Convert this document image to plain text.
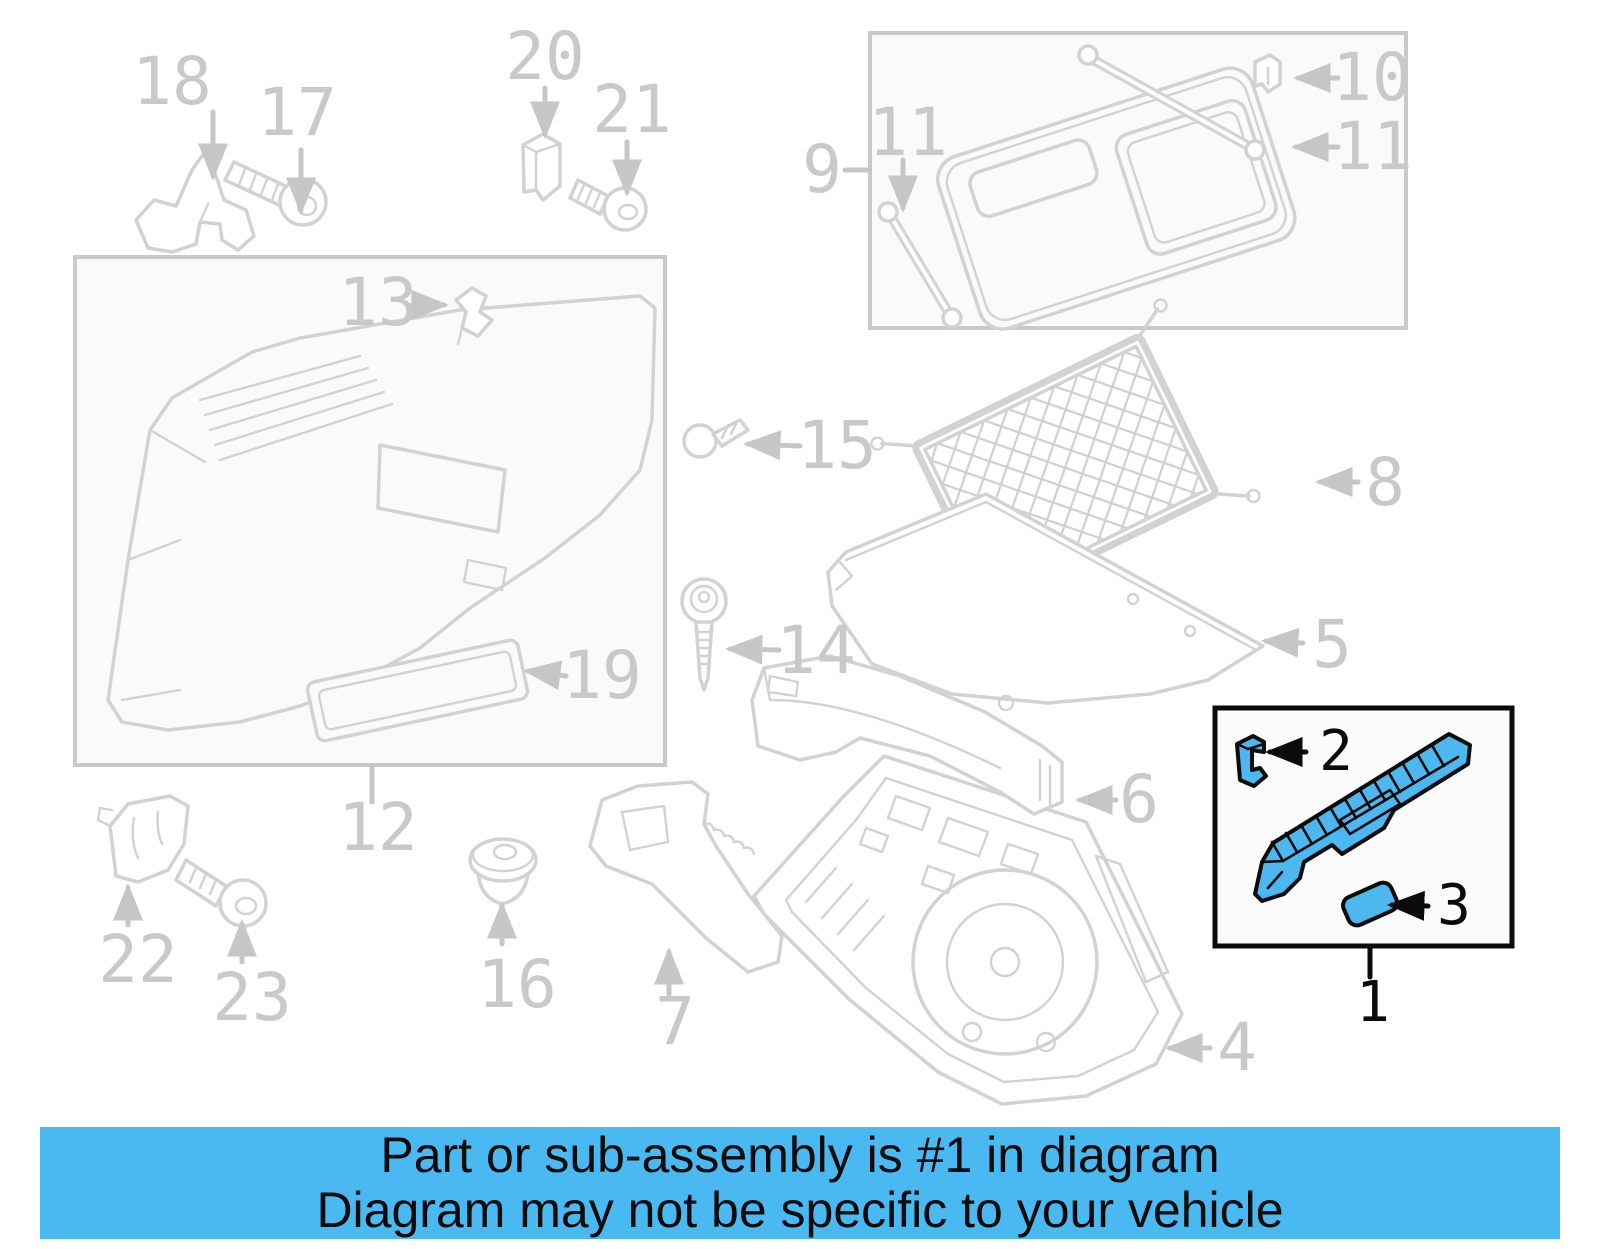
18 17
20
21
9 11
10
11
13
19
12
15
14
8
5
6
7	4
22 23	16
2
3
1
Part or sub-assembly is #1 in diagram
Diagram may not be specific to your vehicle
